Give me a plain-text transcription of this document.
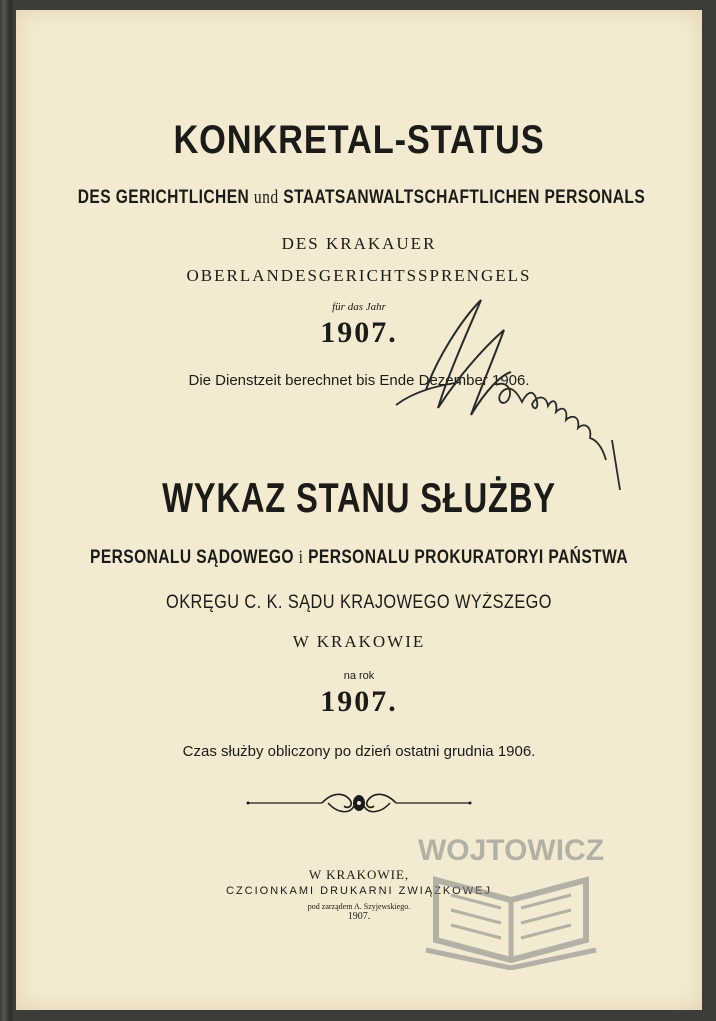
KONKRETAL-STATUS
DES GERICHTLICHEN und STAATSANWALTSCHAFTLICHEN PERSONALS
DES KRAKAUER
OBERLANDESGERICHTSSPRENGELS
für das Jahr
1907.
Die Dienstzeit berechnet bis Ende Dezember 1906.
WYKAZ STANU SŁUŻBY
PERSONALU SĄDOWEGO i PERSONALU PROKURATORYI PAŃSTWA
OKRĘGU C. K. SĄDU KRAJOWEGO WYŻSZEGO
W KRAKOWIE
na rok
1907.
Czas służby obliczony po dzień ostatni grudnia 1906.
W KRAKOWIE,
CZCIONKAMI DRUKARNI ZWIĄZKOWEJ
pod zarządem A. Szyjewskiego.
1907.
WOJTOWICZ
